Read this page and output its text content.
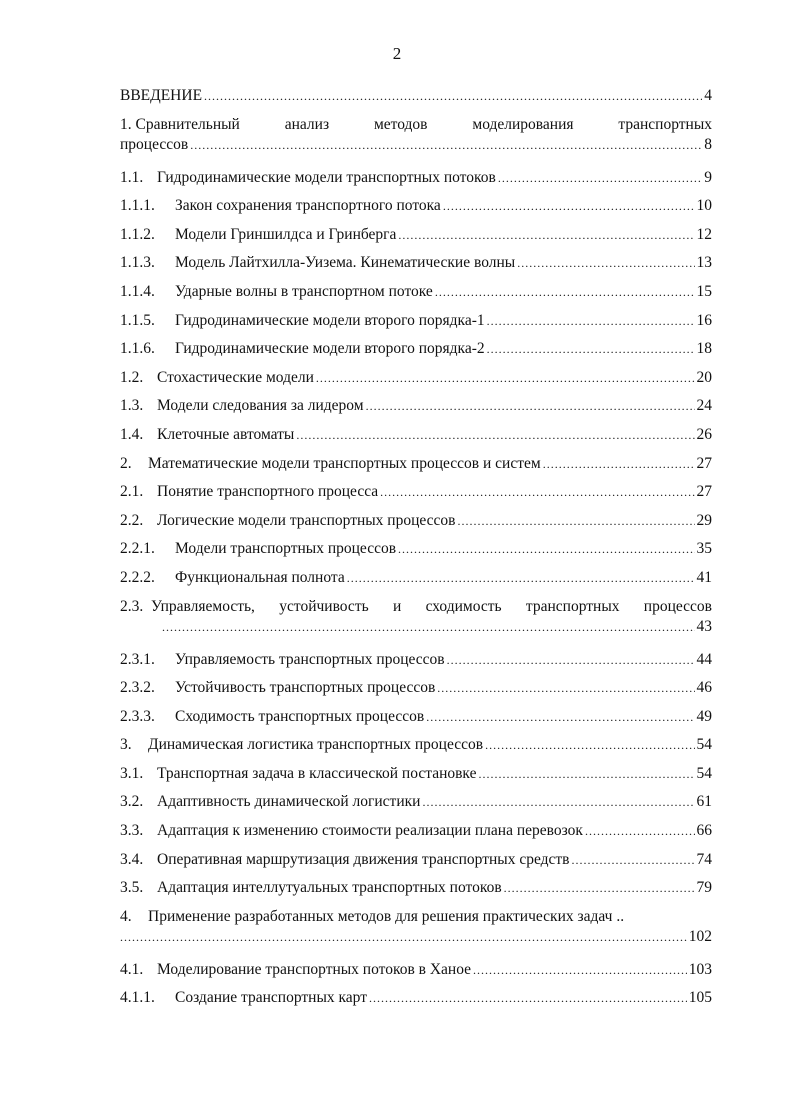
2
ВВЕДЕНИЕ .....	4
1. Сравнительный	анализ	методов	моделирования	транспортных
процессов .....	8
1.1. Гидродинамические модели транспортных потоков .....	9
1.1.1.	Закон сохранения транспортного потока .....	10
1.1.2.	Модели Гриншилдса и Гринберга .....	12
1.1.3.	Модель Лайтхилла-Уизема. Кинематические волны .....	13
1.1.4.	Ударные волны в транспортном потоке .....	15
1.1.5.	Гидродинамические модели второго порядка-1 .....	16
1.1.6.	Гидродинамические модели второго порядка-2 .....	18
1.2. Стохастические модели .....	20
1.3. Модели следования за лидером .....	24
1.4. Клеточные автоматы .....	26
2.	Математические модели транспортных процессов и систем .....	27
2.1. Понятие транспортного процесса .....	27
2.2. Логические модели транспортных процессов .....	29
2.2.1.	Модели транспортных процессов .....	35
2.2.2.	Функциональная полнота .....	41
2.3. Управляемость, устойчивость и сходимость транспортных процессов
.....
43
2.3.1.	Управляемость транспортных процессов .....	44
2.3.2.	Устойчивость транспортных процессов .....	46
2.3.3.	Сходимость транспортных процессов .....	49
3.	Динамическая логистика транспортных процессов .....	54
3.1. Транспортная задача в классической постановке .....	54
3.2. Адаптивность динамической логистики .....	61
3.3. Адаптация к изменению стоимости реализации плана перевозок .....	66
3.4. Оперативная маршрутизация движения транспортных средств .....	74
3.5. Адаптация интеллутуальных транспортных потоков .....	79
4.	Применение разработанных методов для решения практических задач ..
.....
102
4.1. Моделирование транспортных потоков в Ханое .....	103
4.1.1.	Создание транспортных карт .....	105
